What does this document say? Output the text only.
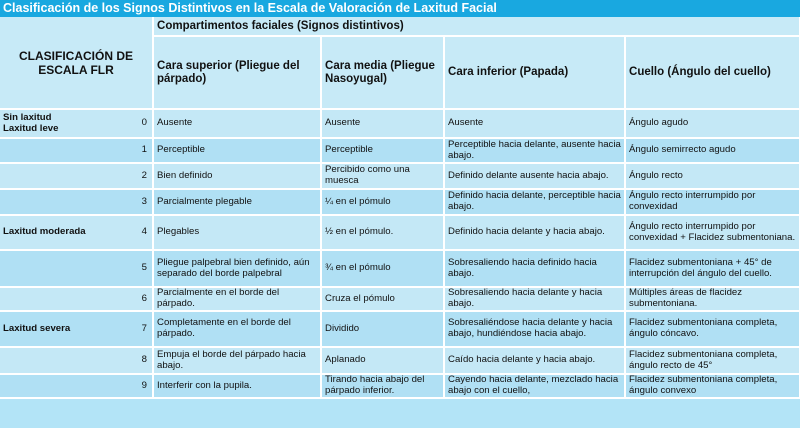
Clasificación de los Signos Distintivos en la Escala de Valoración de Laxitud Facial
CLASIFICACIÓN DE ESCALA FLR		Compartimentos faciales (Signos distintivos)			
		Cara superior (Pliegue del párpado)	Cara media (Pliegue Nasoyugal)	Cara inferior (Papada)	Cuello (Ángulo del cuello)

Sin laxitud
Laxitud leve	0	Ausente	Ausente	Ausente	Ángulo agudo
	1	Perceptible	Perceptible	Perceptible hacia delante, ausente hacia abajo.	Ángulo semirrecto agudo
	2	Bien definido	Percibido como una muesca	Definido delante ausente hacia abajo.	Ángulo recto
	3	Parcialmente plegable	¼ en el pómulo	Definido hacia delante, perceptible hacia abajo.	Ángulo recto interrumpido por convexidad
Laxitud moderada	4	Plegables	½ en el pómulo.	Definido hacia delante y hacia abajo.	Ángulo recto interrumpido por convexidad + Flacidez submentoniana.
	5	Pliegue palpebral bien definido, aún separado del borde palpebral	¾ en el pómulo	Sobresaliendo hacia definido hacia abajo.	Flacidez submentoniana + 45° de interrupción del ángulo del cuello.
	6	Parcialmente en el borde del párpado.	Cruza el pómulo	Sobresaliendo hacia delante y hacia abajo.	Múltiples áreas de flacidez submentoniana.
Laxitud severa	7	Completamente en el borde del párpado.	Dividido	Sobresaliéndose hacia delante y hacia abajo, hundiéndose hacia abajo.	Flacidez submentoniana completa, ángulo cóncavo.
	8	Empuja el borde del párpado hacia abajo.	Aplanado	Caído hacia delante y hacia abajo.	Flacidez submentoniana completa, ángulo recto de 45°
	9	Interferir con la pupila.	Tirando hacia abajo del párpado inferior.	Cayendo hacia delante, mezclado hacia abajo con el cuello,	Flacidez submentoniana completa, ángulo convexo
